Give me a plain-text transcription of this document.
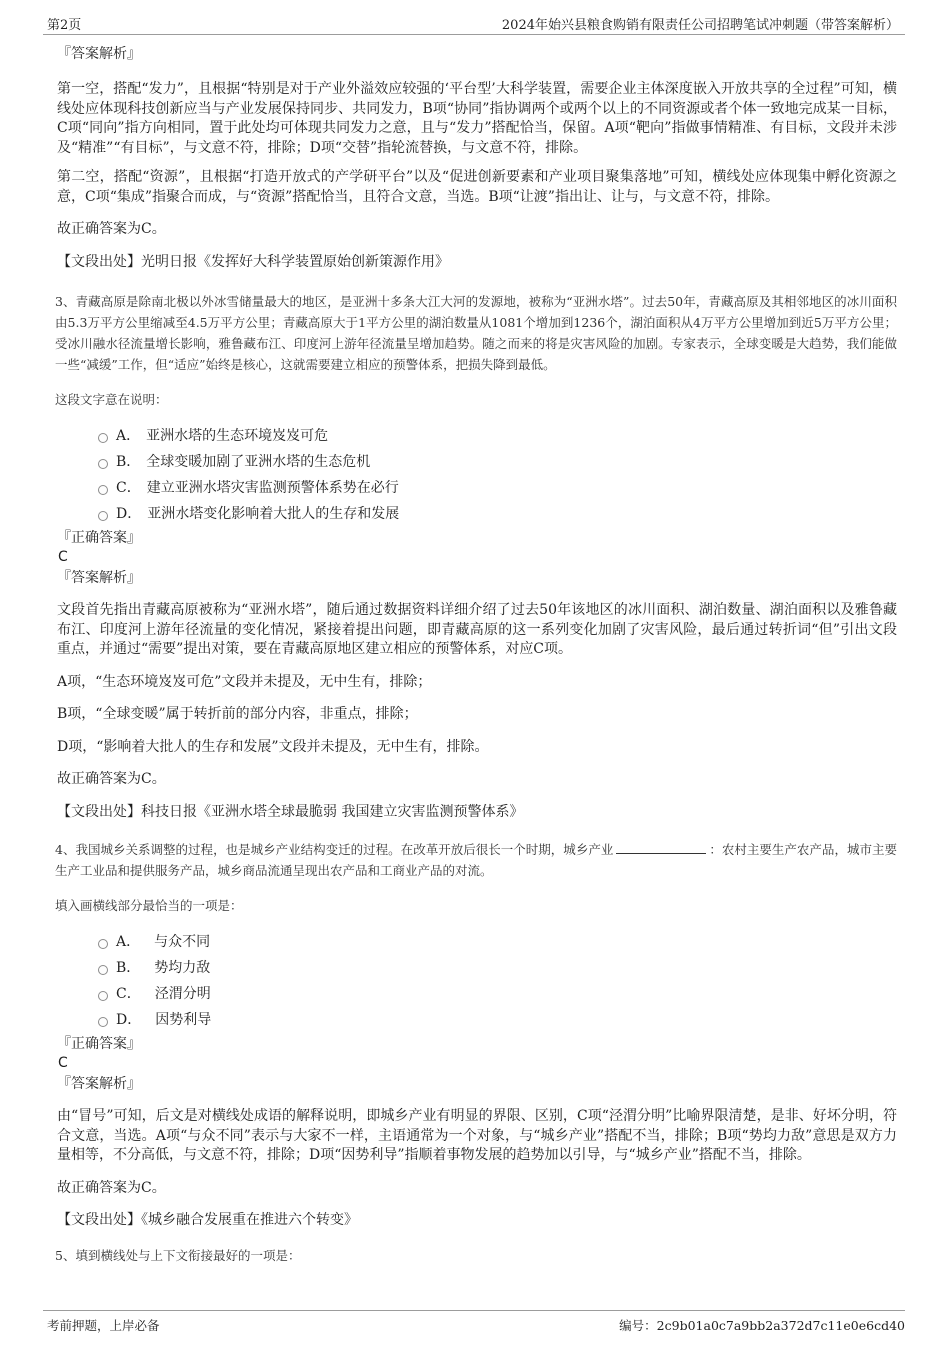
第2页	2024年始兴县粮食购销有限责任公司招聘笔试冲刺题（带答案解析）

『答案解析』

第一空，搭配“发力”，且根据“特别是对于产业外溢效应较强的‘平台型’大科学装置，需要企业主体深度嵌入开放共享的全过程”可知，横线处应体现科技创新应当与产业发展保持同步、共同发力，B项“协同”指协调两个或两个以上的不同资源或者个体一致地完成某一目标，C项“同向”指方向相同，置于此处均可体现共同发力之意，且与“发力”搭配恰当，保留。A项“靶向”指做事情精准、有目标，文段并未涉及“精准”“有目标”，与文意不符，排除；D项“交替”指轮流替换，与文意不符，排除。

第二空，搭配“资源”，且根据“打造开放式的产学研平台”以及“促进创新要素和产业项目聚集落地”可知，横线处应体现集中孵化资源之意，C项“集成”指聚合而成，与“资源”搭配恰当，且符合文意，当选。B项“让渡”指出让、让与，与文意不符，排除。

故正确答案为C。

【文段出处】光明日报《发挥好大科学装置原始创新策源作用》

3、青藏高原是除南北极以外冰雪储量最大的地区，是亚洲十多条大江大河的发源地，被称为“亚洲水塔”。过去50年，青藏高原及其相邻地区的冰川面积由5.3万平方公里缩减至4.5万平方公里；青藏高原大于1平方公里的湖泊数量从1081个增加到1236个，湖泊面积从4万平方公里增加到近5万平方公里；受冰川融水径流量增长影响，雅鲁藏布江、印度河上游年径流量呈增加趋势。随之而来的将是灾害风险的加剧。专家表示，全球变暖是大趋势，我们能做一些“减缓”工作，但“适应”始终是核心，这就需要建立相应的预警体系，把损失降到最低。

这段文字意在说明：

A． 亚洲水塔的生态环境岌岌可危
B． 全球变暖加剧了亚洲水塔的生态危机
C． 建立亚洲水塔灾害监测预警体系势在必行
D． 亚洲水塔变化影响着大批人的生存和发展

『正确答案』

C

『答案解析』

文段首先指出青藏高原被称为“亚洲水塔”，随后通过数据资料详细介绍了过去50年该地区的冰川面积、湖泊数量、湖泊面积以及雅鲁藏布江、印度河上游年径流量的变化情况，紧接着提出问题，即青藏高原的这一系列变化加剧了灾害风险，最后通过转折词“但”引出文段重点，并通过“需要”提出对策，要在青藏高原地区建立相应的预警体系，对应C项。

A项，“生态环境岌岌可危”文段并未提及，无中生有，排除；

B项，“全球变暖”属于转折前的部分内容，非重点，排除；

D项，“影响着大批人的生存和发展”文段并未提及，无中生有，排除。

故正确答案为C。

【文段出处】科技日报《亚洲水塔全球最脆弱 我国建立灾害监测预警体系》

4、我国城乡关系调整的过程，也是城乡产业结构变迁的过程。在改革开放后很长一个时期，城乡产业	：农村主要生产农产品，城市主要生产工业品和提供服务产品，城乡商品流通呈现出农产品和工商业产品的对流。

填入画横线部分最恰当的一项是：

A． 与众不同
B． 势均力敌
C． 泾渭分明
D． 因势利导

『正确答案』

C

『答案解析』

由“冒号”可知，后文是对横线处成语的解释说明，即城乡产业有明显的界限、区别，C项“泾渭分明”比喻界限清楚，是非、好坏分明，符合文意，当选。A项“与众不同”表示与大家不一样，主语通常为一个对象，与“城乡产业”搭配不当，排除；B项“势均力敌”意思是双方力量相等，不分高低，与文意不符，排除；D项“因势利导”指顺着事物发展的趋势加以引导，与“城乡产业”搭配不当，排除。

故正确答案为C。

【文段出处】《城乡融合发展重在推进六个转变》

5、填到横线处与上下文衔接最好的一项是：

考前押题，上岸必备	编号：2c9b01a0c7a9bb2a372d7c11e0e6cd40
